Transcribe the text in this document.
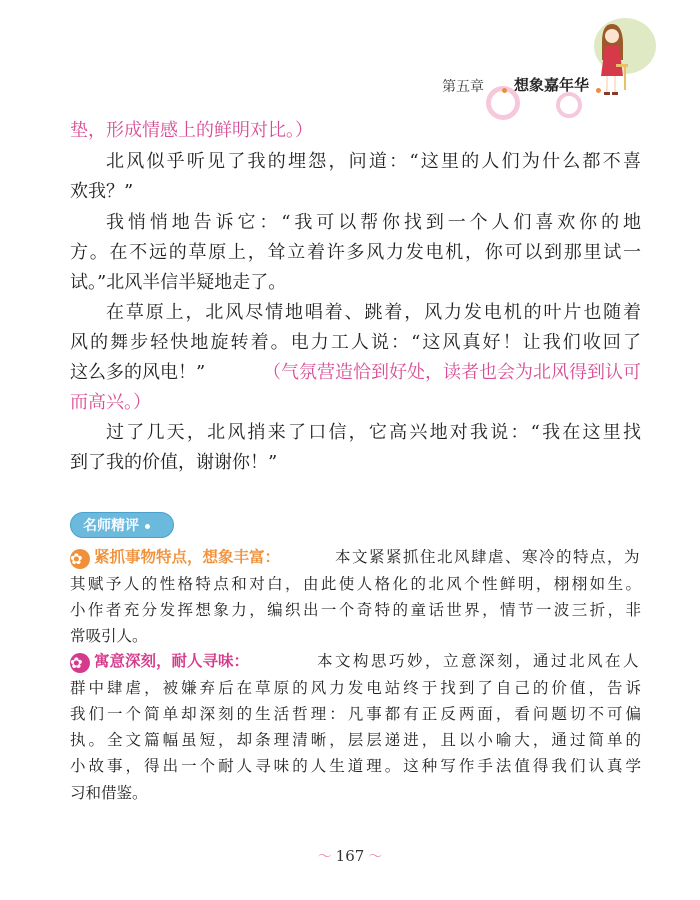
第五章 想象嘉年华
垫，形成情感上的鲜明对比。）
北风似乎听见了我的埋怨，问道：“这里的人们为什么都不喜
欢我？”
我悄悄地告诉它：“我可以帮你找到一个人们喜欢你的地
方。在不远的草原上，耸立着许多风力发电机，你可以到那里试一
试。”北风半信半疑地走了。
在草原上，北风尽情地唱着、跳着，风力发电机的叶片也随着
风的舞步轻快地旋转着。电力工人说：“这风真好！让我们收回了
这么多的风电！”	（气氛营造恰到好处，读者也会为北风得到认可
而高兴。）
过了几天，北风捎来了口信，它高兴地对我说：“我在这里找
到了我的价值，谢谢你！”
名师精评
✿ 紧抓事物特点，想象丰富：	本文紧紧抓住北风肆虐、寒冷的特点，为
其赋予人的性格特点和对白，由此使人格化的北风个性鲜明，栩栩如生。
小作者充分发挥想象力，编织出一个奇特的童话世界，情节一波三折，非
常吸引人。
✿ 寓意深刻，耐人寻味：	本文构思巧妙，立意深刻，通过北风在人
群中肆虐，被嫌弃后在草原的风力发电站终于找到了自己的价值，告诉
我们一个简单却深刻的生活哲理：凡事都有正反两面，看问题切不可偏
执。全文篇幅虽短，却条理清晰，层层递进，且以小喻大，通过简单的
小故事，得出一个耐人寻味的人生道理。这种写作手法值得我们认真学
习和借鉴。
〜 167 〜
